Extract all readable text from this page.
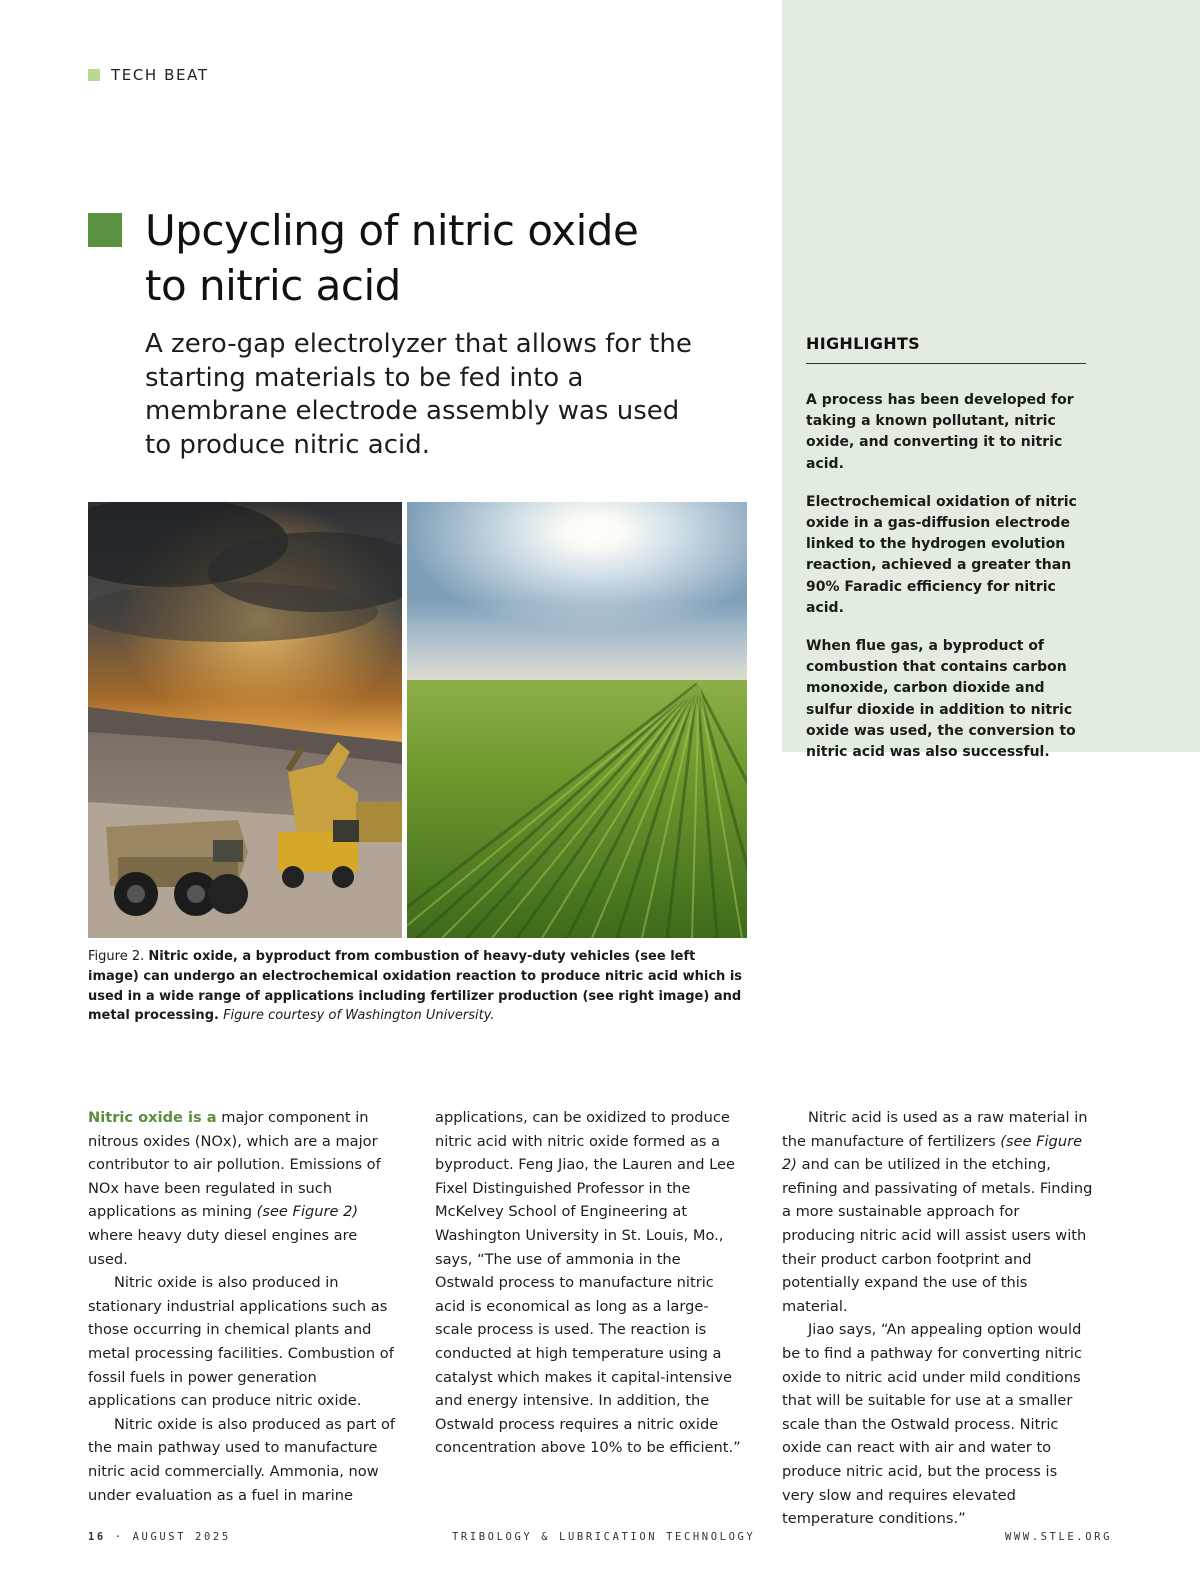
TECH BEAT
Upcycling of nitric oxide
to nitric acid

A zero-gap electrolyzer that allows for the starting materials to be fed into a membrane electrode assembly was used to produce nitric acid.

HIGHLIGHTS

A process has been developed for taking a known pollutant, nitric oxide, and converting it to nitric acid.

Electrochemical oxidation of nitric oxide in a gas-diffusion electrode linked to the hydrogen evolution reaction, achieved a greater than 90% Faradic efficiency for nitric acid.

When flue gas, a byproduct of combustion that contains carbon monoxide, carbon dioxide and sulfur dioxide in addition to nitric oxide was used, the conversion to nitric acid was also successful.

Figure 2. Nitric oxide, a byproduct from combustion of heavy-duty vehicles (see left image) can undergo an electrochemical oxidation reaction to produce nitric acid which is used in a wide range of applications including fertilizer production (see right image) and metal processing. Figure courtesy of Washington University.

Nitric oxide is a major component in nitrous oxides (NOx), which are a major contributor to air pollution. Emissions of NOx have been regulated in such applications as mining (see Figure 2) where heavy duty diesel engines are used.

Nitric oxide is also produced in stationary industrial applications such as those occurring in chemical plants and metal processing facilities. Combustion of fossil fuels in power generation applications can produce nitric oxide.

Nitric oxide is also produced as part of the main pathway used to manufacture nitric acid commercially. Ammonia, now under evaluation as a fuel in marine

applications, can be oxidized to produce nitric acid with nitric oxide formed as a byproduct. Feng Jiao, the Lauren and Lee Fixel Distinguished Professor in the McKelvey School of Engineering at Washington University in St. Louis, Mo., says, “The use of ammonia in the Ostwald process to manufacture nitric acid is economical as long as a large-scale process is used. The reaction is conducted at high temperature using a catalyst which makes it capital-intensive and energy intensive. In addition, the Ostwald process requires a nitric oxide concentration above 10% to be efficient.”

Nitric acid is used as a raw material in the manufacture of fertilizers (see Figure 2) and can be utilized in the etching, refining and passivating of metals. Finding a more sustainable approach for producing nitric acid will assist users with their product carbon footprint and potentially expand the use of this material.

Jiao says, “An appealing option would be to find a pathway for converting nitric oxide to nitric acid under mild conditions that will be suitable for use at a smaller scale than the Ostwald process. Nitric oxide can react with air and water to produce nitric acid, but the process is very slow and requires elevated temperature conditions.”

16 · AUGUST 2025	TRIBOLOGY & LUBRICATION TECHNOLOGY	WWW.STLE.ORG
